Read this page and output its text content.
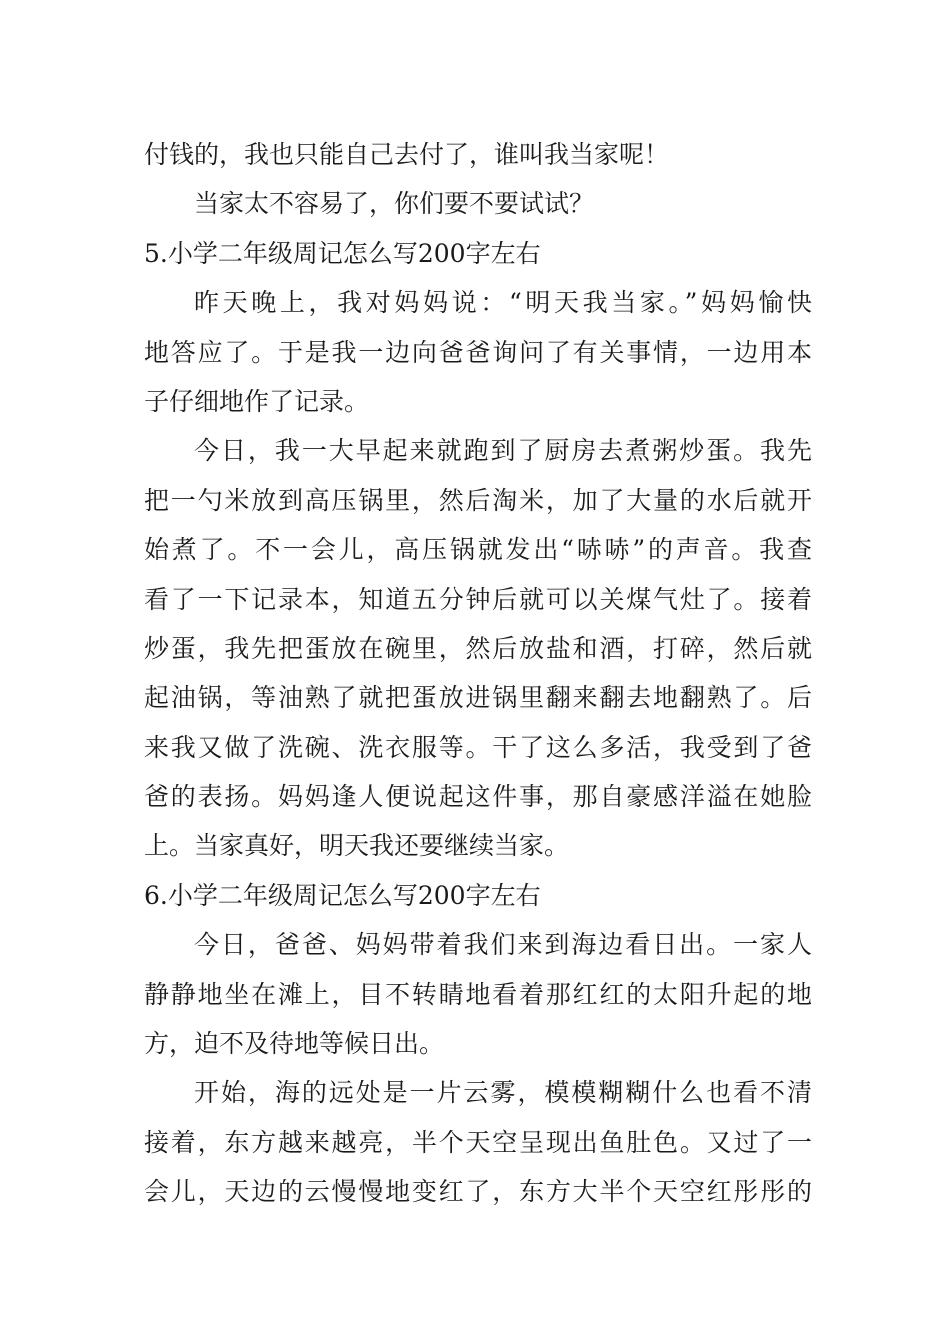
付钱的，我也只能自己去付了，谁叫我当家呢！
当家太不容易了，你们要不要试试？
5.小学二年级周记怎么写200字左右
昨天晚上，我对妈妈说：“明天我当家。”妈妈愉快
地答应了。于是我一边向爸爸询问了有关事情，一边用本
子仔细地作了记录。
今日，我一大早起来就跑到了厨房去煮粥炒蛋。我先
把一勺米放到高压锅里，然后淘米，加了大量的水后就开
始煮了。不一会儿，高压锅就发出“哧哧”的声音。我查
看了一下记录本，知道五分钟后就可以关煤气灶了。接着
炒蛋，我先把蛋放在碗里，然后放盐和酒，打碎，然后就
起油锅，等油熟了就把蛋放进锅里翻来翻去地翻熟了。后
来我又做了洗碗、洗衣服等。干了这么多活，我受到了爸
爸的表扬。妈妈逢人便说起这件事，那自豪感洋溢在她脸
上。当家真好，明天我还要继续当家。
6.小学二年级周记怎么写200字左右
今日，爸爸、妈妈带着我们来到海边看日出。一家人
静静地坐在滩上，目不转睛地看着那红红的太阳升起的地
方，迫不及待地等候日出。
开始，海的远处是一片云雾，模模糊糊什么也看不清
接着，东方越来越亮，半个天空呈现出鱼肚色。又过了一
会儿，天边的云慢慢地变红了，东方大半个天空红彤彤的
